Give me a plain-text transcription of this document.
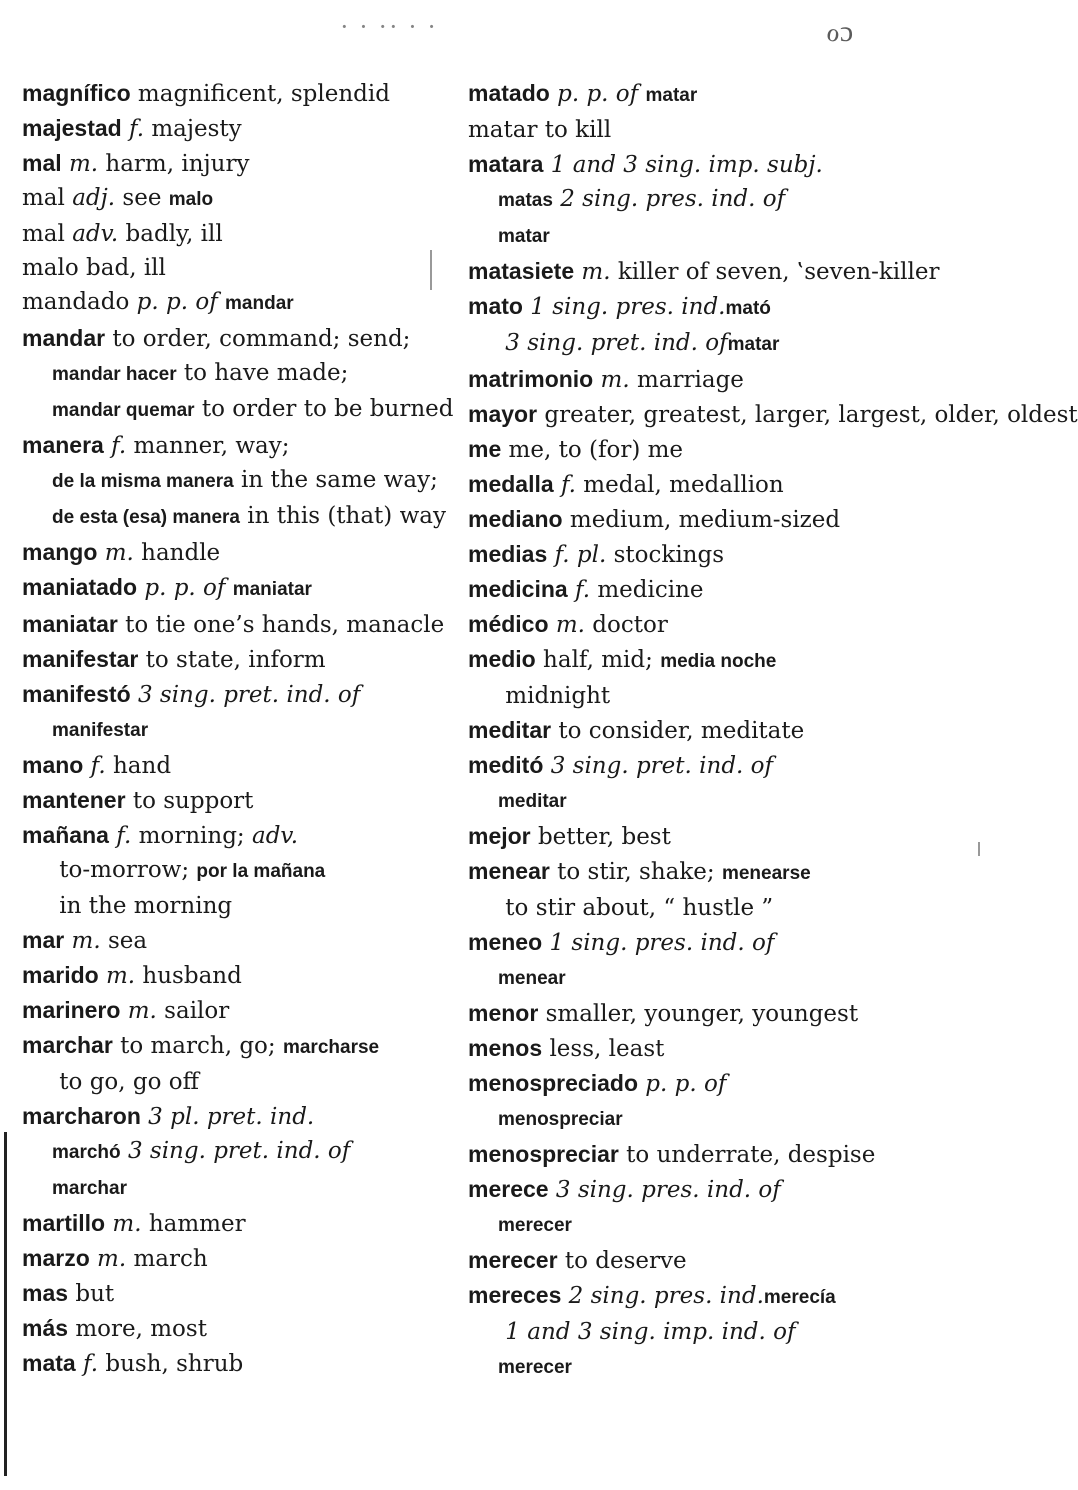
· · ·· · ·	ℴɔ
magnífico magnificent, splendid
majestad f. majesty
mal m. harm, injury
mal adj. see malo
mal adv. badly, ill
malo bad, ill
mandado p. p. of mandar
mandar to order, command; send;
mandar hacer to have made;
mandar quemar to order to be burned
manera f. manner, way;
de la misma manera in the same way;
de esta (esa) manera in this (that) way
mango m. handle
maniatado p. p. of maniatar
maniatar to tie one’s hands, manacle
manifestar to state, inform
manifestó 3 sing. pret. ind. of
manifestar
mano f. hand
mantener to support
mañana f. morning; adv.
to-morrow; por la mañana
in the morning
mar m. sea
marido m. husband
marinero m. sailor
marchar to march, go; marcharse
to go, go off
marcharon 3 pl. pret. ind.
marchó 3 sing. pret. ind. of
marchar
martillo m. hammer
marzo m. march
mas but
más more, most
mata f. bush, shrub
matado p. p. of matar
matar to kill
matara 1 and 3 sing. imp. subj.
matas 2 sing. pres. ind. of
matar
matasiete m. killer of seven, ‛seven-killer
mato 1 sing. pres. ind.mató
3 sing. pret. ind. ofmatar
matrimonio m. marriage
mayor greater, greatest, larger, largest, older, oldest
me me, to (for) me
medalla f. medal, medallion
mediano medium, medium-sized
medias f. pl. stockings
medicina f. medicine
médico m. doctor
medio half, mid; media noche
midnight
meditar to consider, meditate
meditó 3 sing. pret. ind. of
meditar
mejor better, best
menear to stir, shake; menearse
to stir about, “ hustle ”
meneo 1 sing. pres. ind. of
menear
menor smaller, younger, youngest
menos less, least
menospreciado p. p. of
menospreciar
menospreciar to underrate, despise
merece 3 sing. pres. ind. of
merecer
merecer to deserve
mereces 2 sing. pres. ind.merecía
1 and 3 sing. imp. ind. of
merecer
